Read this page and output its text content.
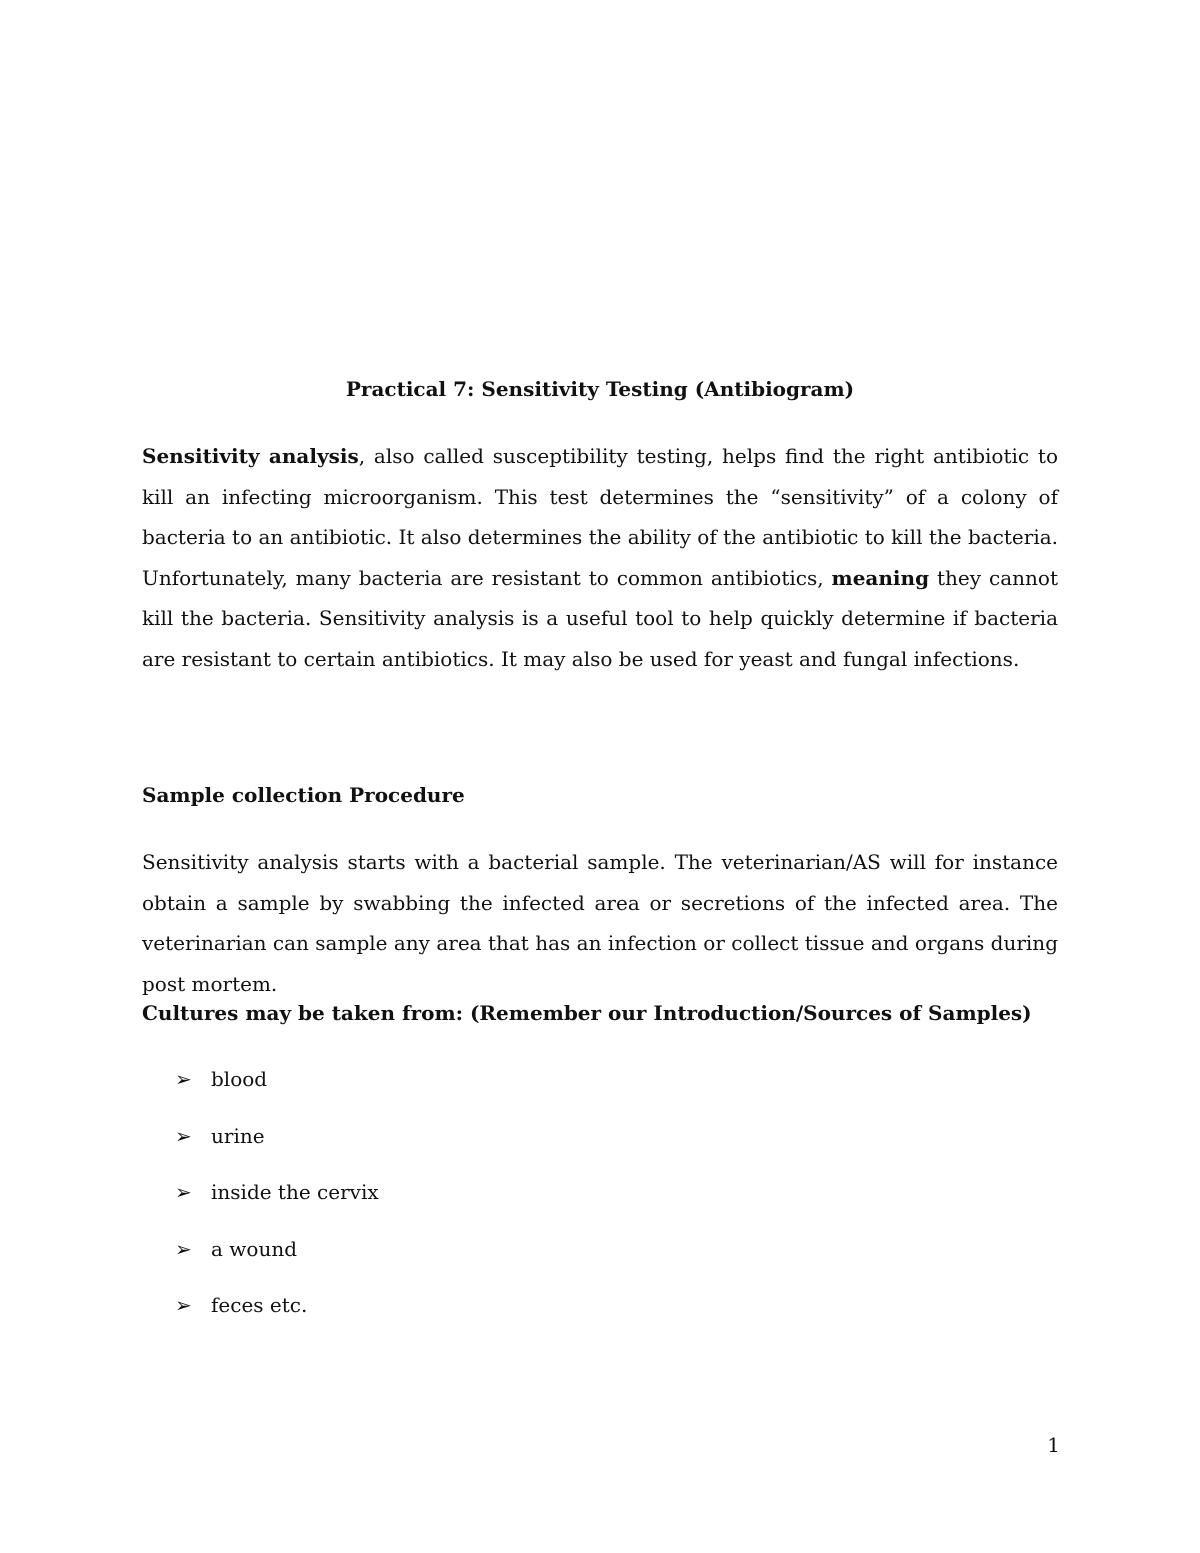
Practical 7: Sensitivity Testing (Antibiogram)

Sensitivity analysis, also called susceptibility testing, helps find the right antibiotic to kill an infecting microorganism. This test determines the “sensitivity” of a colony of bacteria to an antibiotic. It also determines the ability of the antibiotic to kill the bacteria. Unfortunately, many bacteria are resistant to common antibiotics, meaning they cannot kill the bacteria. Sensitivity analysis is a useful tool to help quickly determine if bacteria are resistant to certain antibiotics. It may also be used for yeast and fungal infections.

Sample collection Procedure

Sensitivity analysis starts with a bacterial sample. The veterinarian/AS will for instance obtain a sample by swabbing the infected area or secretions of the infected area. The veterinarian can sample any area that has an infection or collect tissue and organs during post mortem.

Cultures may be taken from: (Remember our Introduction/Sources of Samples)
➢ blood
➢ urine
➢ inside the cervix
➢ a wound
➢ feces etc.
1
